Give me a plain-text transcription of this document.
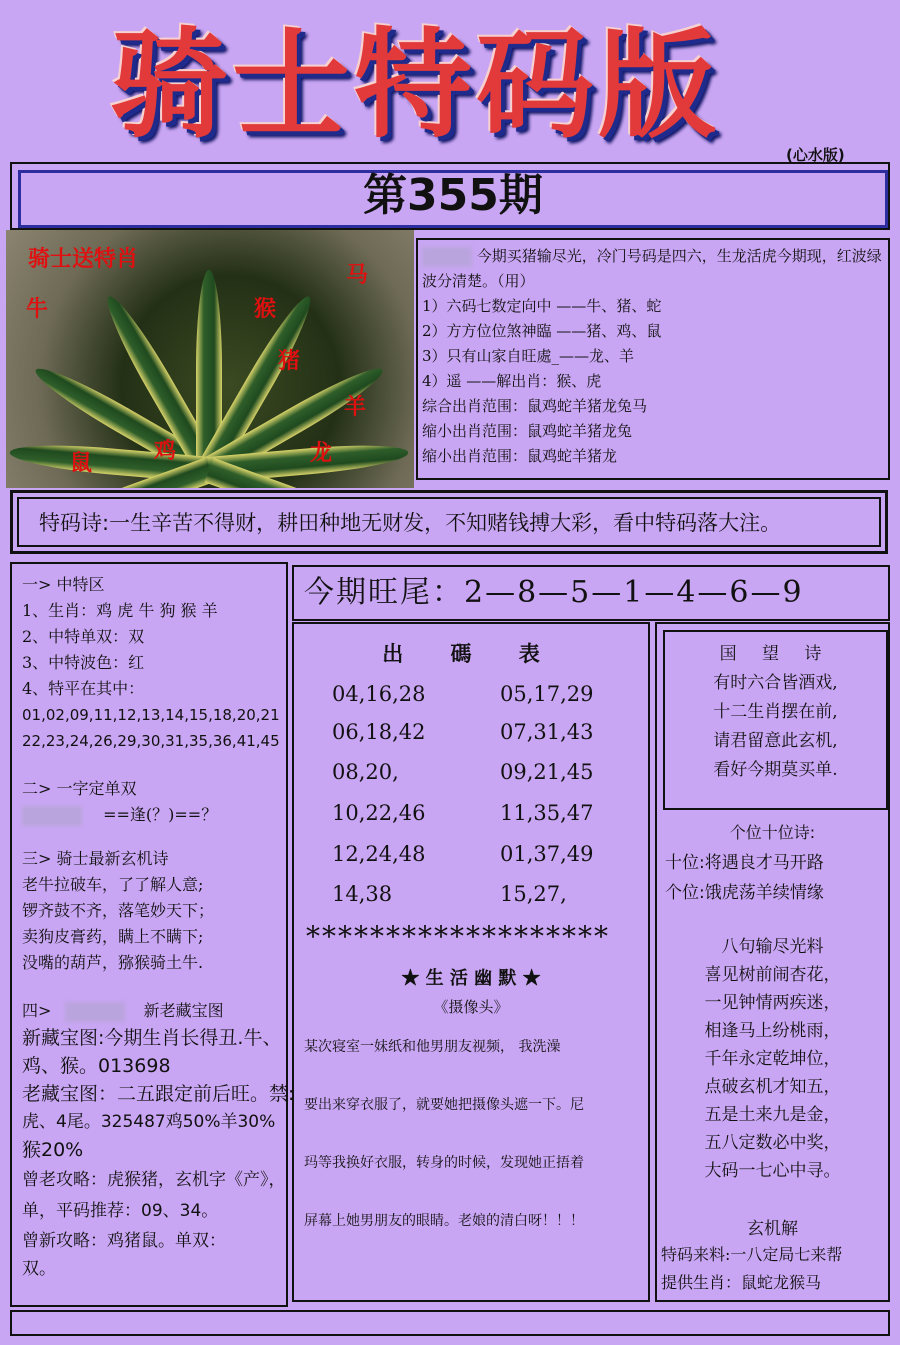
骑士特码版
(心水版)
第355期
骑士送特肖
马
牛	猴
猪
羊
鼠	鸡	龙
今期买猪输尽光，冷门号码是四六，生龙活虎今期现，红波绿波分清楚。（用）
1）六码七数定向中 ——牛、猪、蛇
2）方方位位煞神臨 ——猪、鸡、鼠
3）只有山家自旺處_——龙、羊
4）遥 ——解出肖：猴、虎
综合出肖范围：鼠鸡蛇羊猪龙兔马
缩小出肖范围：鼠鸡蛇羊猪龙兔
缩小出肖范围：鼠鸡蛇羊猪龙
特码诗:一生辛苦不得财，耕田种地无财发，不知赌钱搏大彩，看中特码落大注。
一> 中特区
1、生肖：鸡 虎 牛 狗 猴 羊
2、中特单双：双
3、中特波色：红
4、特平在其中：
01,02,09,11,12,13,14,15,18,20,21
22,23,24,26,29,30,31,35,36,41,45
二> 一字定单双
==逢(？)==？
三> 骑士最新玄机诗
老牛拉破车，了了解人意;
锣齐鼓不齐，落笔妙天下；
卖狗皮膏药，瞒上不瞒下;
没嘴的葫芦，猕猴骑土牛.
四>	新老藏宝图
新藏宝图:今期生肖长得丑.牛、
鸡、猴。013698
老藏宝图：二五跟定前后旺。禁:
虎、4尾。325487鸡50%羊30%
猴20%
曾老攻略：虎猴猪，玄机字《产》，
单，平码推荐：09、34。
曾新攻略：鸡猪鼠。单双：
双。
今期旺尾：2—8—5—1—4—6—9
出 碼 表
04,16,28	05,17,29
06,18,42	07,31,43
08,20,	09,21,45
10,22,46	11,35,47
12,24,48	01,37,49
14,38	15,27,
*******************
★ 生 活 幽 默 ★
《摄像头》
某次寝室一妹纸和他男朋友视频， 我洗澡
要出来穿衣服了，就要她把摄像头遮一下。尼
玛等我换好衣服，转身的时候，发现她正捂着
屏幕上她男朋友的眼睛。老娘的清白呀！！！
国 望 诗
有时六合皆酒戏,
十二生肖摆在前,
请君留意此玄机,
看好今期莫买单.
个位十位诗:
十位:将遇良才马开路
个位:饿虎荡羊续情缘
八句输尽光料
喜见树前闹杏花，
一见钟情两疾迷，
相逢马上纷桃雨，
千年永定乾坤位，
点破玄机才知五，
五是土来九是金，
五八定数必中奖，
大码一七心中寻。
玄机解
特码来料:一八定局七来帮
提供生肖：鼠蛇龙猴马
